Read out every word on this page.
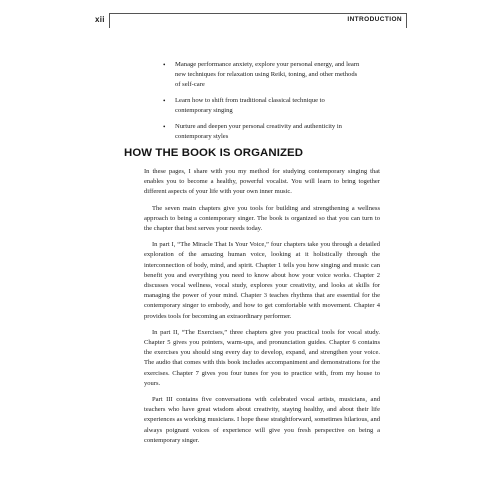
xii	INTRODUCTION
• Manage performance anxiety, explore your personal energy, and learn new techniques for relaxation using Reiki, toning, and other methods of self-care
• Learn how to shift from traditional classical technique to contemporary singing
• Nurture and deepen your personal creativity and authenticity in contemporary styles
HOW THE BOOK IS ORGANIZED

In these pages, I share with you my method for studying contemporary singing that enables you to become a healthy, powerful vocalist. You will learn to bring together different aspects of your life with your own inner music.

The seven main chapters give you tools for building and strengthening a wellness approach to being a contemporary singer. The book is organized so that you can turn to the chapter that best serves your needs today.

In part I, “The Miracle That Is Your Voice,” four chapters take you through a detailed exploration of the amazing human voice, looking at it holistically through the interconnection of body, mind, and spirit. Chapter 1 tells you how singing and music can benefit you and everything you need to know about how your voice works. Chapter 2 discusses vocal wellness, vocal study, explores your creativity, and looks at skills for managing the power of your mind. Chapter 3 teaches rhythms that are essential for the contemporary singer to embody, and how to get comfortable with movement. Chapter 4 provides tools for becoming an extraordinary performer.

In part II, “The Exercises,” three chapters give you practical tools for vocal study. Chapter 5 gives you pointers, warm-ups, and pronunciation guides. Chapter 6 contains the exercises you should sing every day to develop, expand, and strengthen your voice. The audio that comes with this book includes accompaniment and demonstrations for the exercises. Chapter 7 gives you four tunes for you to practice with, from my house to yours.

Part III contains five conversations with celebrated vocal artists, musicians, and teachers who have great wisdom about creativity, staying healthy, and about their life experiences as working musicians. I hope these straightforward, sometimes hilarious, and always poignant voices of experience will give you fresh perspective on being a contemporary singer.
